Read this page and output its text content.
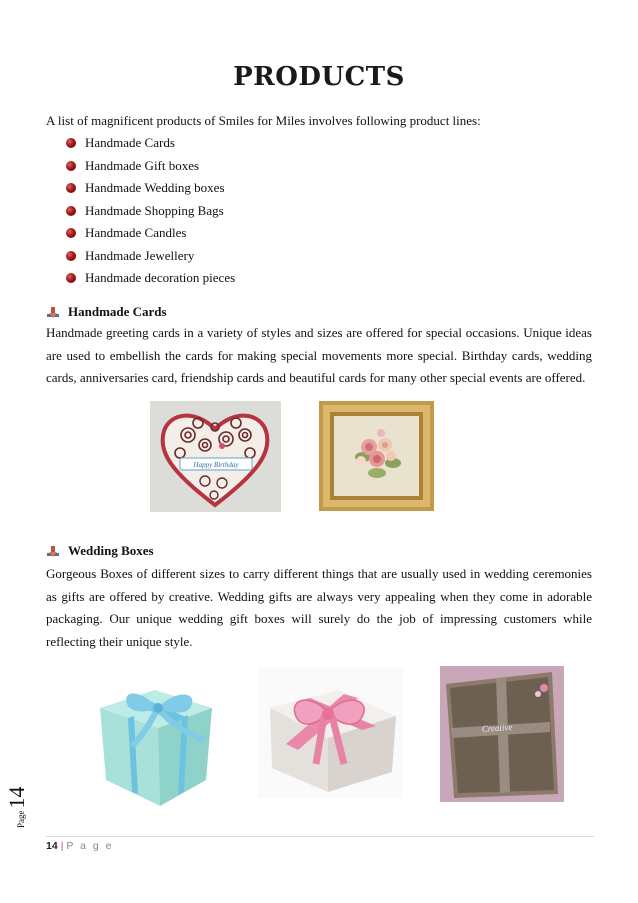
PRODUCTS
A list of magnificent products of Smiles for Miles involves following product lines:
Handmade Cards
Handmade Gift boxes
Handmade Wedding boxes
Handmade Shopping Bags
Handmade Candles
Handmade Jewellery
Handmade decoration pieces
Handmade Cards

Handmade greeting cards in a variety of styles and sizes are offered for special occasions. Unique ideas are used to embellish the cards for making special movements more special. Birthday cards, wedding cards, anniversaries card, friendship cards and beautiful cards for many other special events are offered.

Happy Birthday
Wedding Boxes

Gorgeous Boxes of different sizes to carry different things that are usually used in wedding ceremonies as gifts are offered by creative. Wedding gifts are always very appealing when they come in adorable packaging. Our unique wedding gift boxes will surely do the job of impressing customers while reflecting their unique style.

Creative
14 | P a g e
Page
14
